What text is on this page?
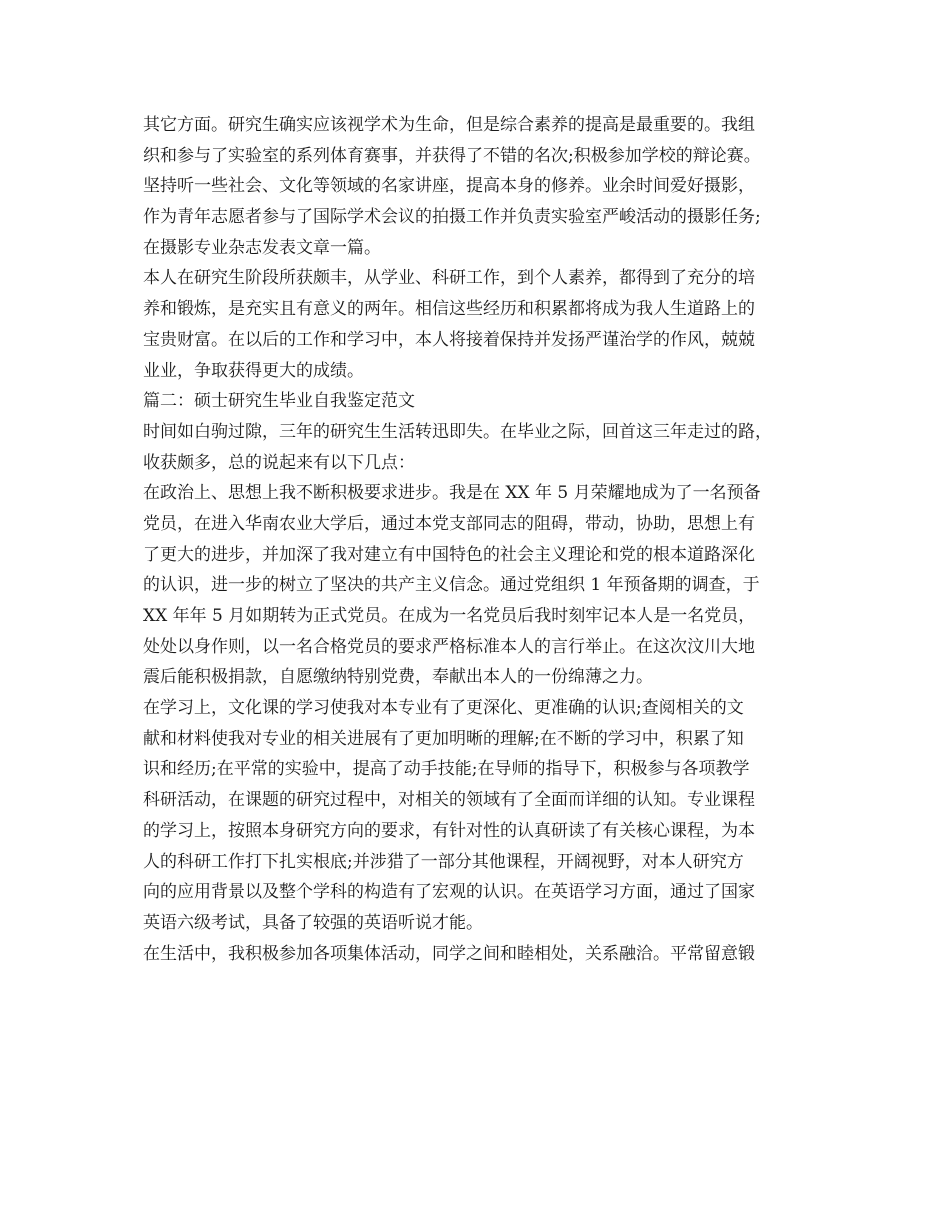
其它方面。研究生确实应该视学术为生命，但是综合素养的提高是最重要的。我组
织和参与了实验室的系列体育赛事，并获得了不错的名次;积极参加学校的辩论赛。
坚持听一些社会、文化等领域的名家讲座，提高本身的修养。业余时间爱好摄影，
作为青年志愿者参与了国际学术会议的拍摄工作并负责实验室严峻活动的摄影任务;
在摄影专业杂志发表文章一篇。
本人在研究生阶段所获颇丰，从学业、科研工作，到个人素养，都得到了充分的培
养和锻炼，是充实且有意义的两年。相信这些经历和积累都将成为我人生道路上的
宝贵财富。在以后的工作和学习中，本人将接着保持并发扬严谨治学的作风，兢兢
业业，争取获得更大的成绩。
篇二：硕士研究生毕业自我鉴定范文
时间如白驹过隙，三年的研究生生活转迅即失。在毕业之际，回首这三年走过的路，
收获颇多，总的说起来有以下几点：
在政治上、思想上我不断积极要求进步。我是在 XX 年 5 月荣耀地成为了一名预备
党员，在进入华南农业大学后，通过本党支部同志的阻碍，带动，协助，思想上有
了更大的进步，并加深了我对建立有中国特色的社会主义理论和党的根本道路深化
的认识，进一步的树立了坚决的共产主义信念。通过党组织 1 年预备期的调查，于
XX 年年 5 月如期转为正式党员。在成为一名党员后我时刻牢记本人是一名党员，
处处以身作则，以一名合格党员的要求严格标准本人的言行举止。在这次汶川大地
震后能积极捐款，自愿缴纳特别党费，奉献出本人的一份绵薄之力。
在学习上，文化课的学习使我对本专业有了更深化、更准确的认识;查阅相关的文
献和材料使我对专业的相关进展有了更加明晰的理解;在不断的学习中，积累了知
识和经历;在平常的实验中，提高了动手技能;在导师的指导下，积极参与各项教学
科研活动，在课题的研究过程中，对相关的领域有了全面而详细的认知。专业课程
的学习上，按照本身研究方向的要求，有针对性的认真研读了有关核心课程，为本
人的科研工作打下扎实根底;并涉猎了一部分其他课程，开阔视野，对本人研究方
向的应用背景以及整个学科的构造有了宏观的认识。在英语学习方面，通过了国家
英语六级考试，具备了较强的英语听说才能。
在生活中，我积极参加各项集体活动，同学之间和睦相处，关系融洽。平常留意锻
